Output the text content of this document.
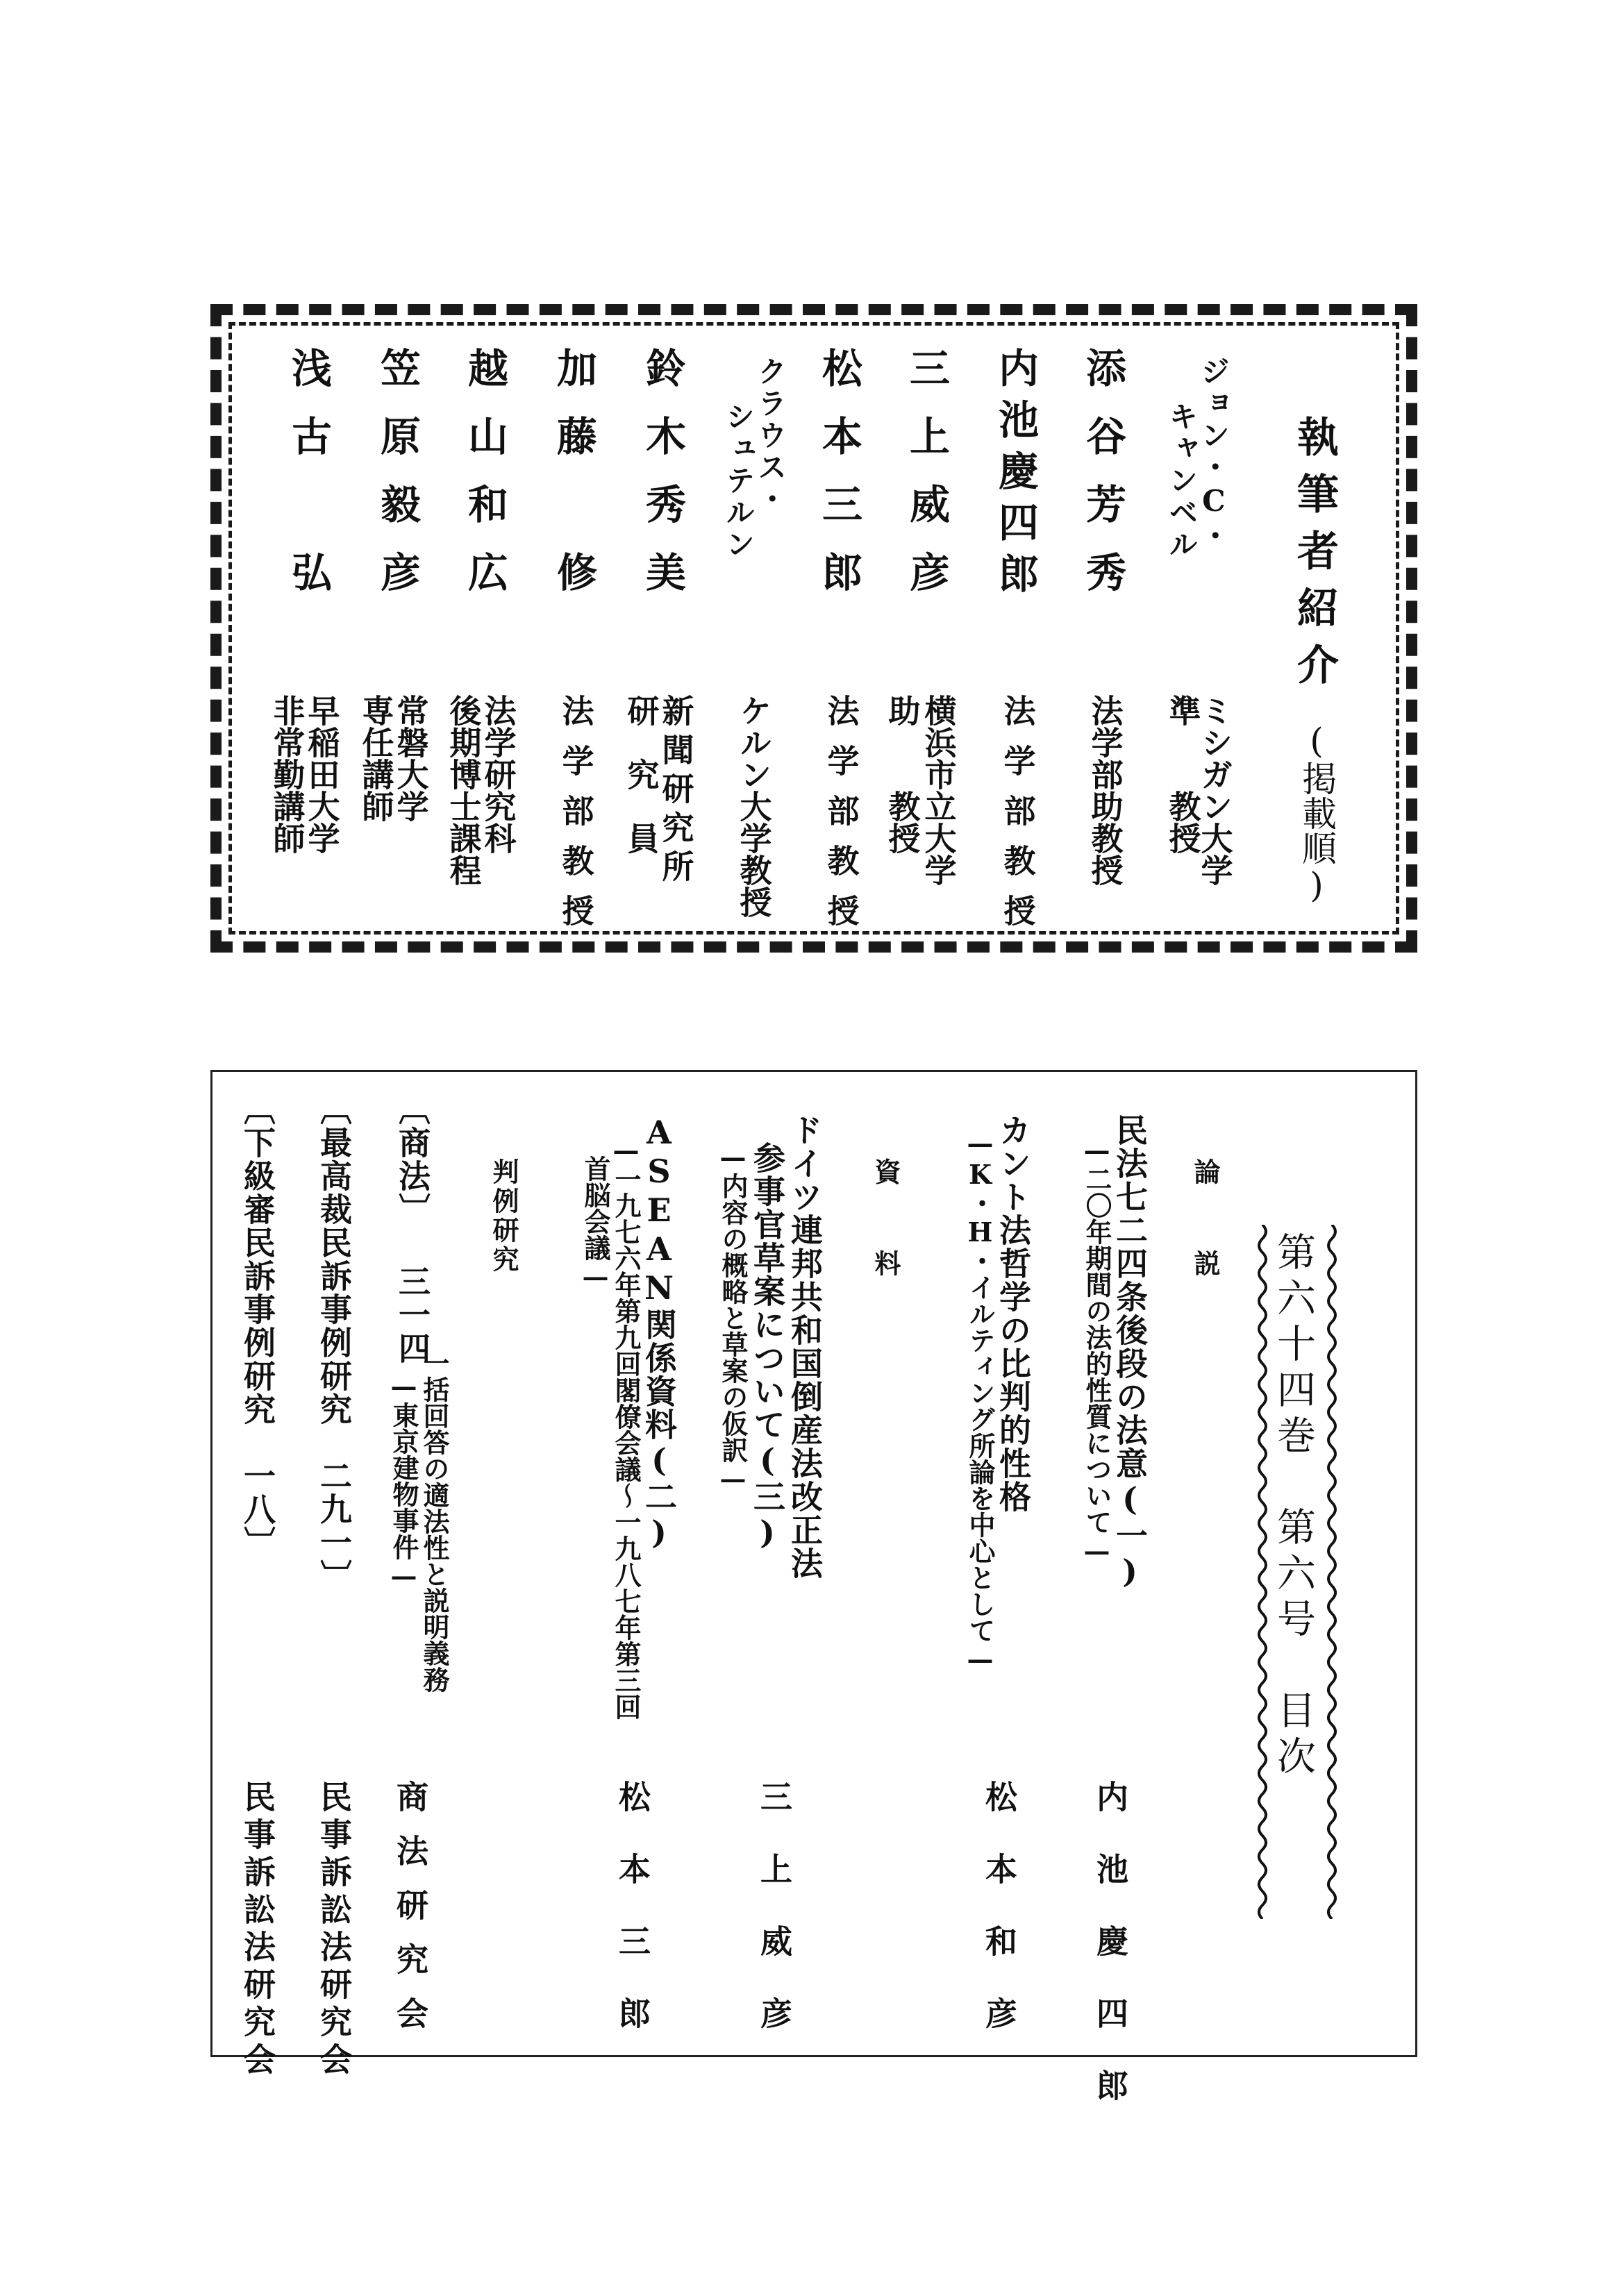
執筆者紹介
(掲載順)
ジョン・C・
キャンベル
ミシガン大学
準　　教授
添谷芳秀
法学部助教授
内池慶四郎
法学部教授
三上威彦
横浜市立大学
助　　教授
松本三郎
法学部教授
クラウス・
シュテルン
ケルン大学教授
鈴木秀美
新聞研究所
研　究　員
加藤　修
法学部教授
越山和広
法学研究科
後期博士課程
笠原毅彦
常磐大学
専任講師
浅古　弘
早稲田大学
非常勤講師
第六十四巻　第六号　目次
論　説
民法七二四条後段の法意(一)
—二〇年期間の法的性質について—
内池慶四郎
カント法哲学の比判的性格
—K・H・イルティング所論を中心として—
松本和彦
資　料
ドイツ連邦共和国倒産法改正法
参事官草案について(三)
—内容の概略と草案の仮訳—
三上威彦
ASEAN関係資料(二)
—一九七六年第九回閣僚会議〜一九八七年第三回
首脳会議—
松本三郎
判例研究
〔商法〕 三一四
一括回答の適法性と説明義務
—東京建物事件—
商法研究会
〔最高裁民訴事例研究　二九一〕
民事訴訟法研究会
〔下級審民訴事例研究　一八〕
民事訴訟法研究会
